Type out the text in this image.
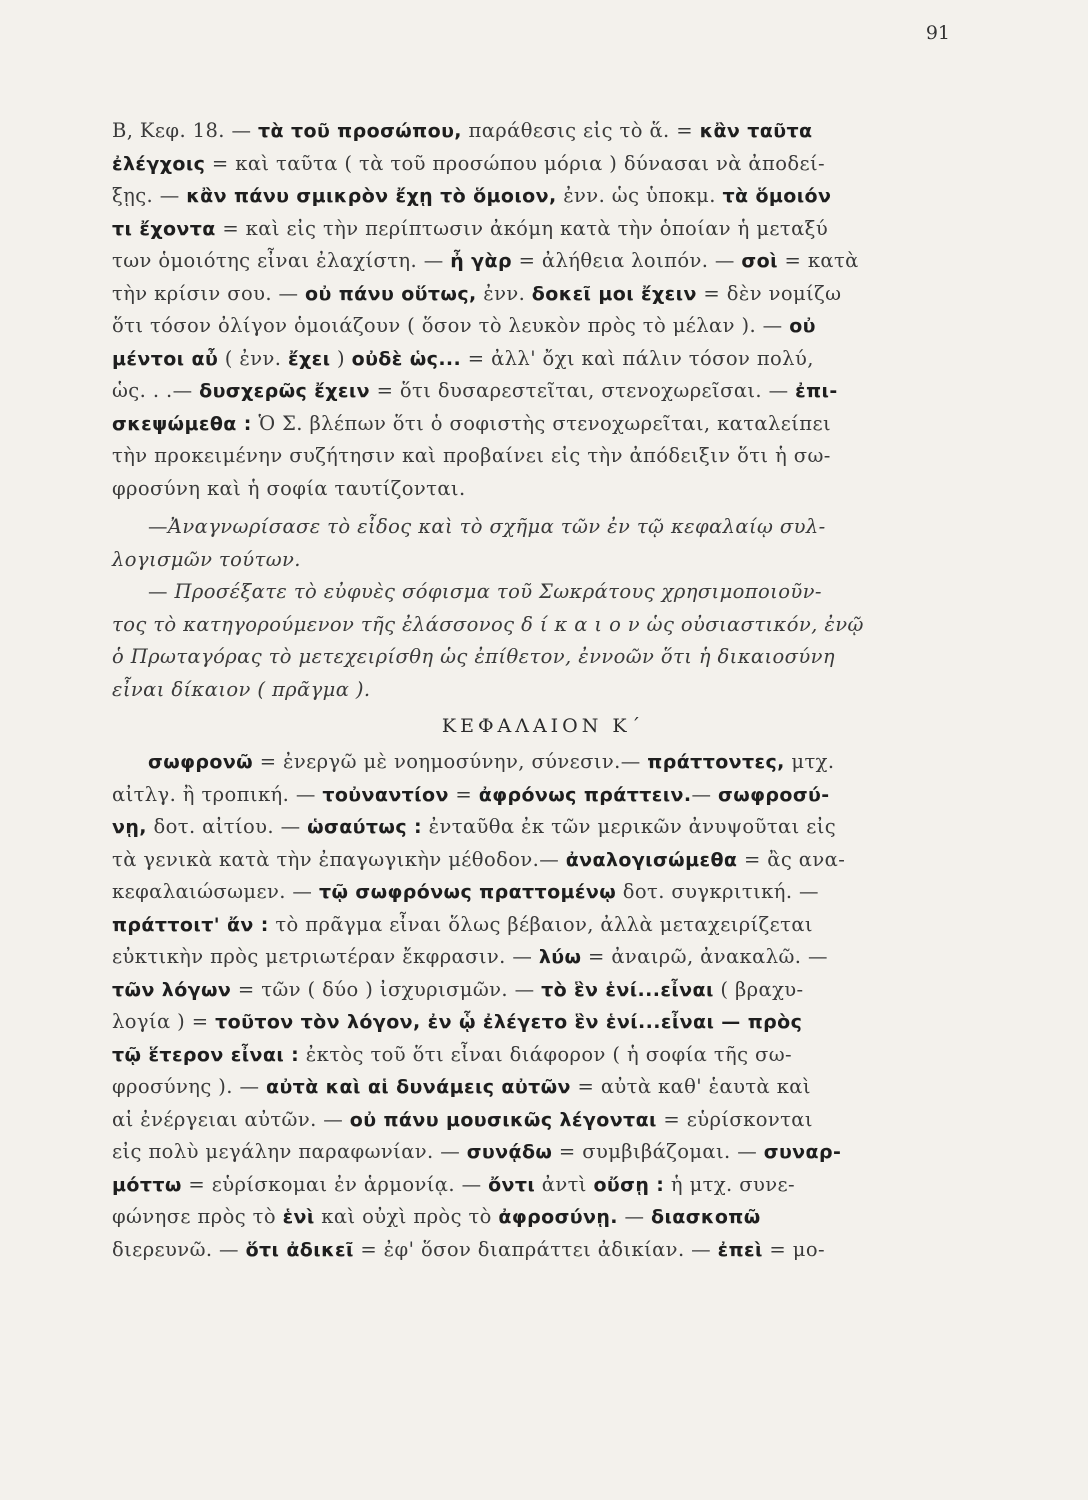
91
Β, Κεφ. 18. — τὰ τοῦ προσώπου, παράθεσις εἰς τὸ ἅ. = κἂν ταῦτα
ἐλέγχοις = καὶ ταῦτα ( τὰ τοῦ προσώπου μόρια ) δύνασαι νὰ ἀποδεί-
ξῃς. — κἂν πάνυ σμικρὸν ἔχῃ τὸ ὅμοιον, ἐνν. ὡς ὑποκμ. τὰ ὅμοιόν
τι ἔχοντα = καὶ εἰς τὴν περίπτωσιν ἀκόμη κατὰ τὴν ὁποίαν ἡ μεταξύ
των ὁμοιότης εἶναι ἐλαχίστη. — ἦ γὰρ = ἀλήθεια λοιπόν. — σοὶ = κατὰ
τὴν κρίσιν σου. — οὐ πάνυ οὕτως, ἐνν. δοκεῖ μοι ἔχειν = δὲν νομίζω
ὅτι τόσον ὀλίγον ὁμοιάζουν ( ὅσον τὸ λευκὸν πρὸς τὸ μέλαν ). — οὐ
μέντοι αὖ ( ἐνν. ἔχει ) οὐδὲ ὡς... = ἀλλ' ὄχι καὶ πάλιν τόσον πολύ,
ὡς. . .— δυσχερῶς ἔχειν = ὅτι δυσαρεστεῖται, στενοχωρεῖσαι. — ἐπι-
σκεψώμεθα : Ὁ Σ. βλέπων ὅτι ὁ σοφιστὴς στενοχωρεῖται, καταλείπει
τὴν προκειμένην συζήτησιν καὶ προβαίνει εἰς τὴν ἀπόδειξιν ὅτι ἡ σω-
φροσύνη καὶ ἡ σοφία ταυτίζονται.
—Ἀναγνωρίσασε τὸ εἶδος καὶ τὸ σχῆμα τῶν ἐν τῷ κεφαλαίῳ συλ-
λογισμῶν τούτων.
— Προσέξατε τὸ εὐφυὲς σόφισμα τοῦ Σωκράτους χρησιμοποιοῦν-
τος τὸ κατηγορούμενον τῆς ἐλάσσονος δ ί κ α ι ο ν ὡς οὐσιαστικόν, ἐνῷ
ὁ Πρωταγόρας τὸ μετεχειρίσθη ὡς ἐπίθετον, ἐννοῶν ὅτι ἡ δικαιοσύνη
εἶναι δίκαιον ( πρᾶγμα ).
ΚΕΦΑΛΑΙΟΝ Κ΄
σωφρονῶ = ἐνεργῶ μὲ νοημοσύνην, σύνεσιν.— πράττοντες, μτχ.
αἰτλγ. ἢ τροπική. — τοὐναντίον = ἀφρόνως πράττειν.— σωφροσύ-
νῃ, δοτ. αἰτίου. — ὡσαύτως : ἐνταῦθα ἐκ τῶν μερικῶν ἀνυψοῦται εἰς
τὰ γενικὰ κατὰ τὴν ἐπαγωγικὴν μέθοδον.— ἀναλογισώμεθα = ἂς ανα-
κεφαλαιώσωμεν. — τῷ σωφρόνως πραττομένῳ δοτ. συγκριτική. —
πράττοιτ' ἄν : τὸ πρᾶγμα εἶναι ὅλως βέβαιον, ἀλλὰ μεταχειρίζεται
εὐκτικὴν πρὸς μετριωτέραν ἔκφρασιν. — λύω = ἀναιρῶ, ἀνακαλῶ. —
τῶν λόγων = τῶν ( δύο ) ἰσχυρισμῶν. — τὸ ἓν ἑνί...εἶναι ( βραχυ-
λογία ) = τοῦτον τὸν λόγον, ἐν ᾧ ἐλέγετο ἓν ἑνί...εἶναι — πρὸς
τῷ ἕτερον εἶναι : ἐκτὸς τοῦ ὅτι εἶναι διάφορον ( ἡ σοφία τῆς σω-
φροσύνης ). — αὐτὰ καὶ αἱ δυνάμεις αὐτῶν = αὐτὰ καθ' ἑαυτὰ καὶ
αἱ ἐνέργειαι αὐτῶν. — οὐ πάνυ μουσικῶς λέγονται = εὑρίσκονται
εἰς πολὺ μεγάλην παραφωνίαν. — συνᾴδω = συμβιβάζομαι. — συναρ-
μόττω = εὑρίσκομαι ἐν ἁρμονίᾳ. — ὄντι ἀντὶ οὔσῃ : ἡ μτχ. συνε-
φώνησε πρὸς τὸ ἑνὶ καὶ οὐχὶ πρὸς τὸ ἀφροσύνῃ. — διασκοπῶ
διερευνῶ. — ὅτι ἀδικεῖ = ἐφ' ὅσον διαπράττει ἀδικίαν. — ἐπεὶ = μο-
